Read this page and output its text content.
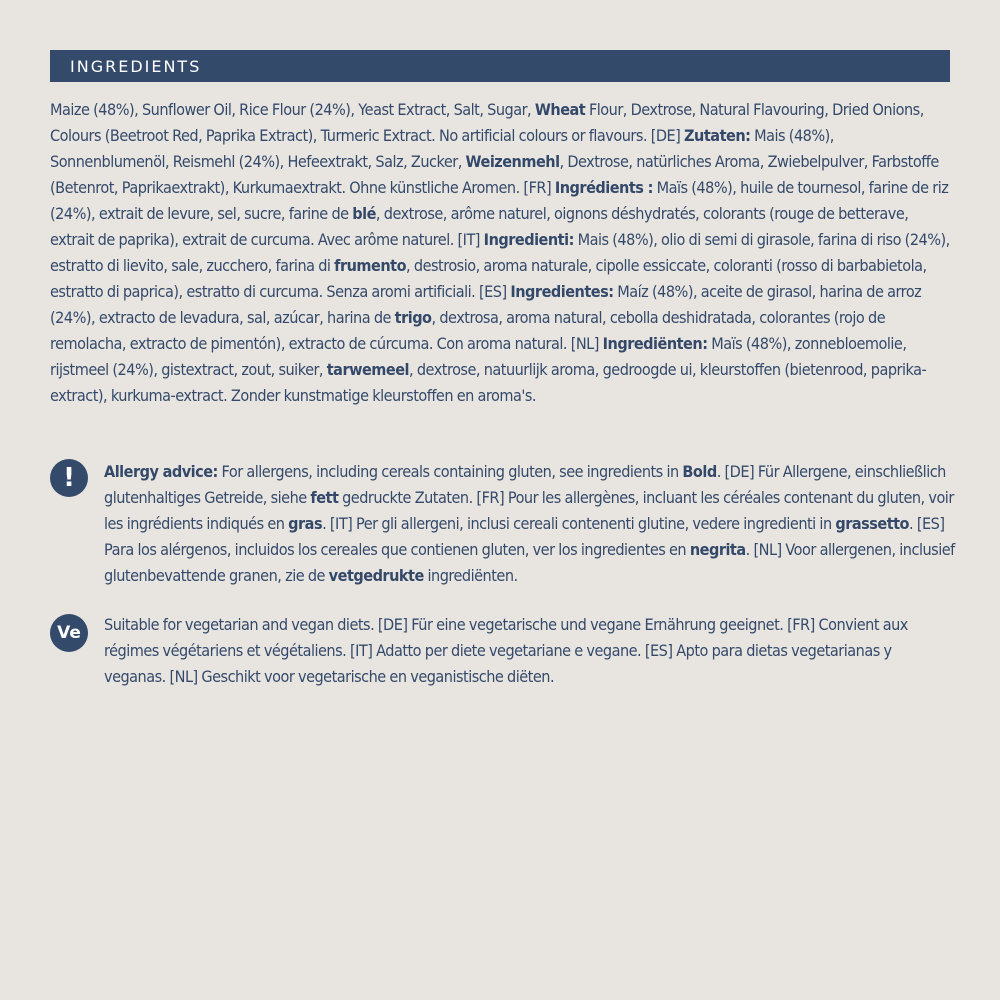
INGREDIENTS

Maize (48%), Sunflower Oil, Rice Flour (24%), Yeast Extract, Salt, Sugar, Wheat Flour, Dextrose, Natural Flavouring, Dried Onions, Colours (Beetroot Red, Paprika Extract), Turmeric Extract. No artificial colours or flavours. [DE] Zutaten: Mais (48%), Sonnenblumenöl, Reismehl (24%), Hefeextrakt, Salz, Zucker, Weizenmehl, Dextrose, natürliches Aroma, Zwiebelpulver, Farbstoffe (Betenrot, Paprikaextrakt), Kurkumaextrakt. Ohne künstliche Aromen. [FR] Ingrédients : Maïs (48%), huile de tournesol, farine de riz (24%), extrait de levure, sel, sucre, farine de blé, dextrose, arôme naturel, oignons déshydratés, colorants (rouge de betterave, extrait de paprika), extrait de curcuma. Avec arôme naturel. [IT] Ingredienti: Mais (48%), olio di semi di girasole, farina di riso (24%), estratto di lievito, sale, zucchero, farina di frumento, destrosio, aroma naturale, cipolle essiccate, coloranti (rosso di barbabietola, estratto di paprica), estratto di curcuma. Senza aromi artificiali. [ES] Ingredientes: Maíz (48%), aceite de girasol, harina de arroz (24%), extracto de levadura, sal, azúcar, harina de trigo, dextrosa, aroma natural, cebolla deshidratada, colorantes (rojo de remolacha, extracto de pimentón), extracto de cúrcuma. Con aroma natural. [NL] Ingrediënten: Maïs (48%), zonnebloemolie, rijstmeel (24%), gistextract, zout, suiker, tarwemeel, dextrose, natuurlijk aroma, gedroogde ui, kleurstoffen (bietenrood, paprika-extract), kurkuma-extract. Zonder kunstmatige kleurstoffen en aroma's.

!	Allergy advice: For allergens, including cereals containing gluten, see ingredients in Bold. [DE] Für Allergene, einschließlich glutenhaltiges Getreide, siehe fett gedruckte Zutaten. [FR] Pour les allergènes, incluant les céréales contenant du gluten, voir les ingrédients indiqués en gras. [IT] Per gli allergeni, inclusi cereali contenenti glutine, vedere ingredienti in grassetto. [ES] Para los alérgenos, incluidos los cereales que contienen gluten, ver los ingredientes en negrita. [NL] Voor allergenen, inclusief glutenbevattende granen, zie de vetgedrukte ingrediënten.

Ve	Suitable for vegetarian and vegan diets. [DE] Für eine vegetarische und vegane Ernährung geeignet. [FR] Convient aux régimes végétariens et végétaliens. [IT] Adatto per diete vegetariane e vegane. [ES] Apto para dietas vegetarianas y veganas. [NL] Geschikt voor vegetarische en veganistische diëten.
